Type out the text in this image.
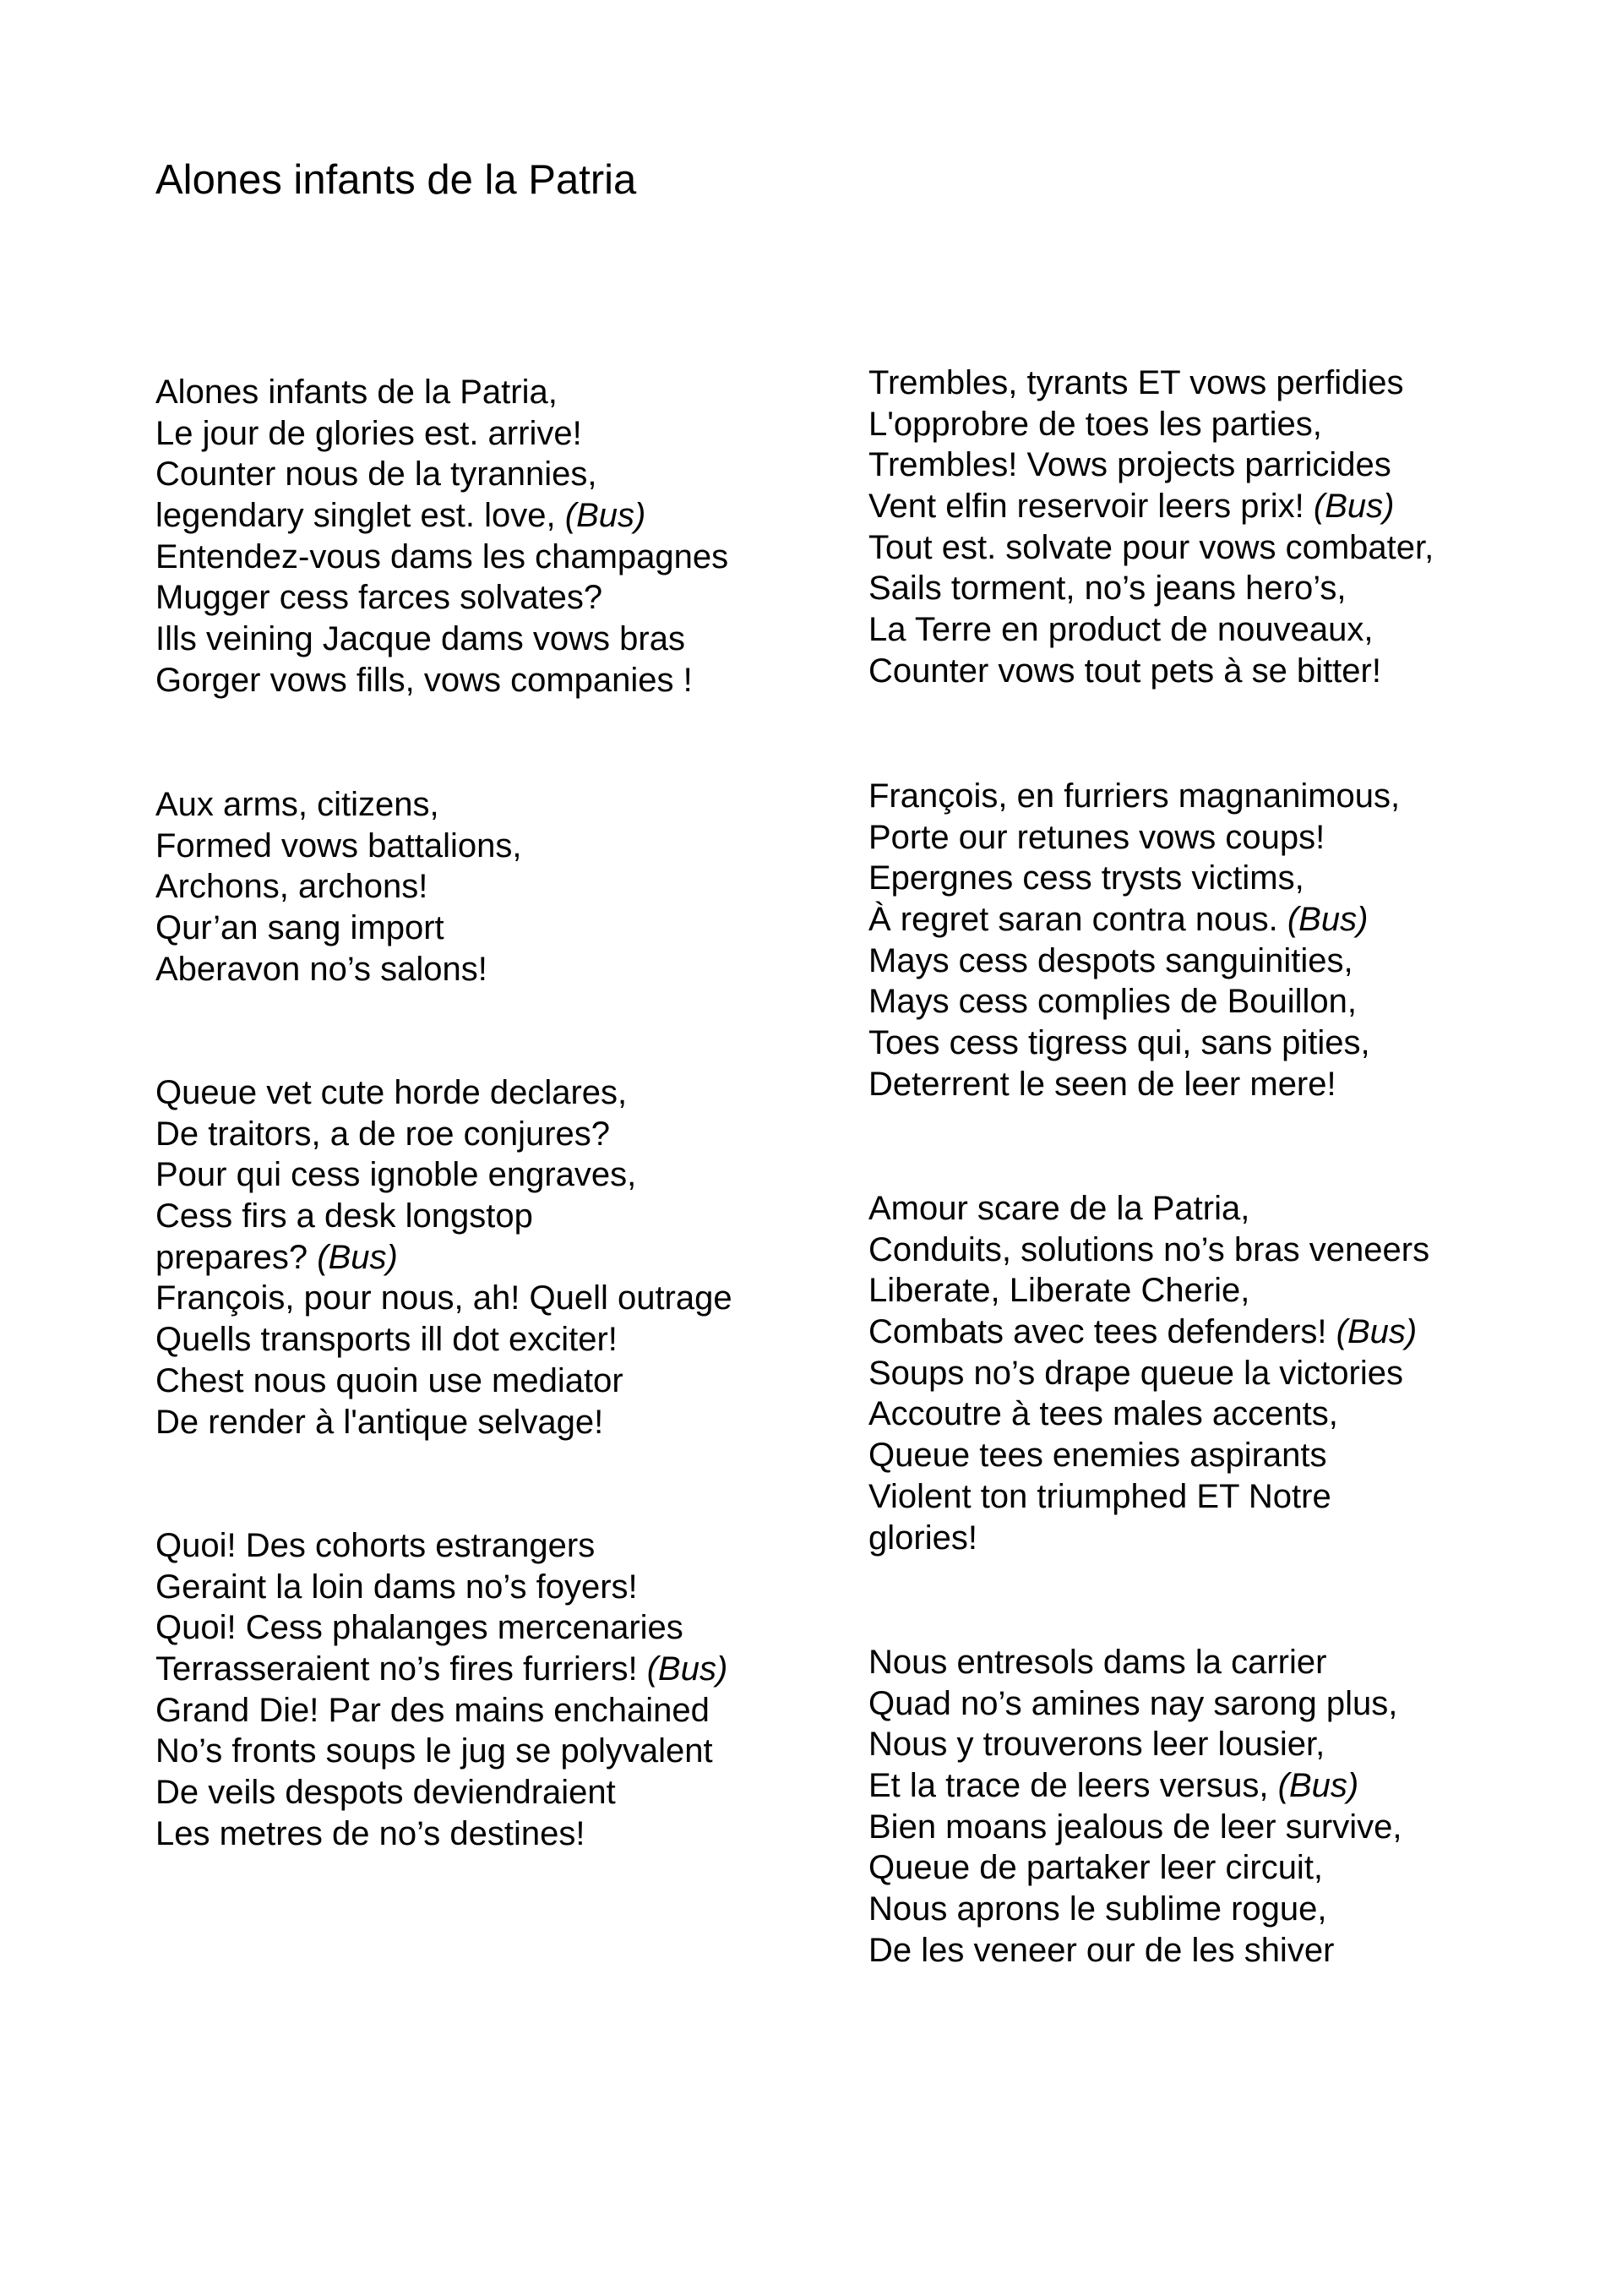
Alones infants de la Patria
Alones infants de la Patria,
Le jour de glories est. arrive!
Counter nous de la tyrannies,
legendary singlet est. love, (Bus)
Entendez-vous dams les champagnes
Mugger cess farces solvates?
Ills veining Jacque dams vows bras
Gorger vows fills, vows companies !
Aux arms, citizens,
Formed vows battalions,
Archons, archons!
Qur’an sang import
Aberavon no’s salons!
Queue vet cute horde declares,
De traitors, a de roe conjures?
Pour qui cess ignoble engraves,
Cess firs a desk longstop
prepares? (Bus)
François, pour nous, ah! Quell outrage
Quells transports ill dot exciter!
Chest nous quoin use mediator
De render à l'antique selvage!
Quoi! Des cohorts estrangers
Geraint la loin dams no’s foyers!
Quoi! Cess phalanges mercenaries
Terrasseraient no’s fires furriers! (Bus)
Grand Die! Par des mains enchained
No’s fronts soups le jug se polyvalent
De veils despots deviendraient
Les metres de no’s destines!
Trembles, tyrants ET vows perfidies
L'opprobre de toes les parties,
Trembles! Vows projects parricides
Vent elfin reservoir leers prix! (Bus)
Tout est. solvate pour vows combater,
Sails torment, no’s jeans hero’s,
La Terre en product de nouveaux,
Counter vows tout pets à se bitter!
François, en furriers magnanimous,
Porte our retunes vows coups!
Epergnes cess trysts victims,
À regret saran contra nous. (Bus)
Mays cess despots sanguinities,
Mays cess complies de Bouillon,
Toes cess tigress qui, sans pities,
Deterrent le seen de leer mere!
Amour scare de la Patria,
Conduits, solutions no’s bras veneers
Liberate, Liberate Cherie,
Combats avec tees defenders! (Bus)
Soups no’s drape queue la victories
Accoutre à tees males accents,
Queue tees enemies aspirants
Violent ton triumphed ET Notre
glories!
Nous entresols dams la carrier
Quad no’s amines nay sarong plus,
Nous y trouverons leer lousier,
Et la trace de leers versus, (Bus)
Bien moans jealous de leer survive,
Queue de partaker leer circuit,
Nous aprons le sublime rogue,
De les veneer our de les shiver
